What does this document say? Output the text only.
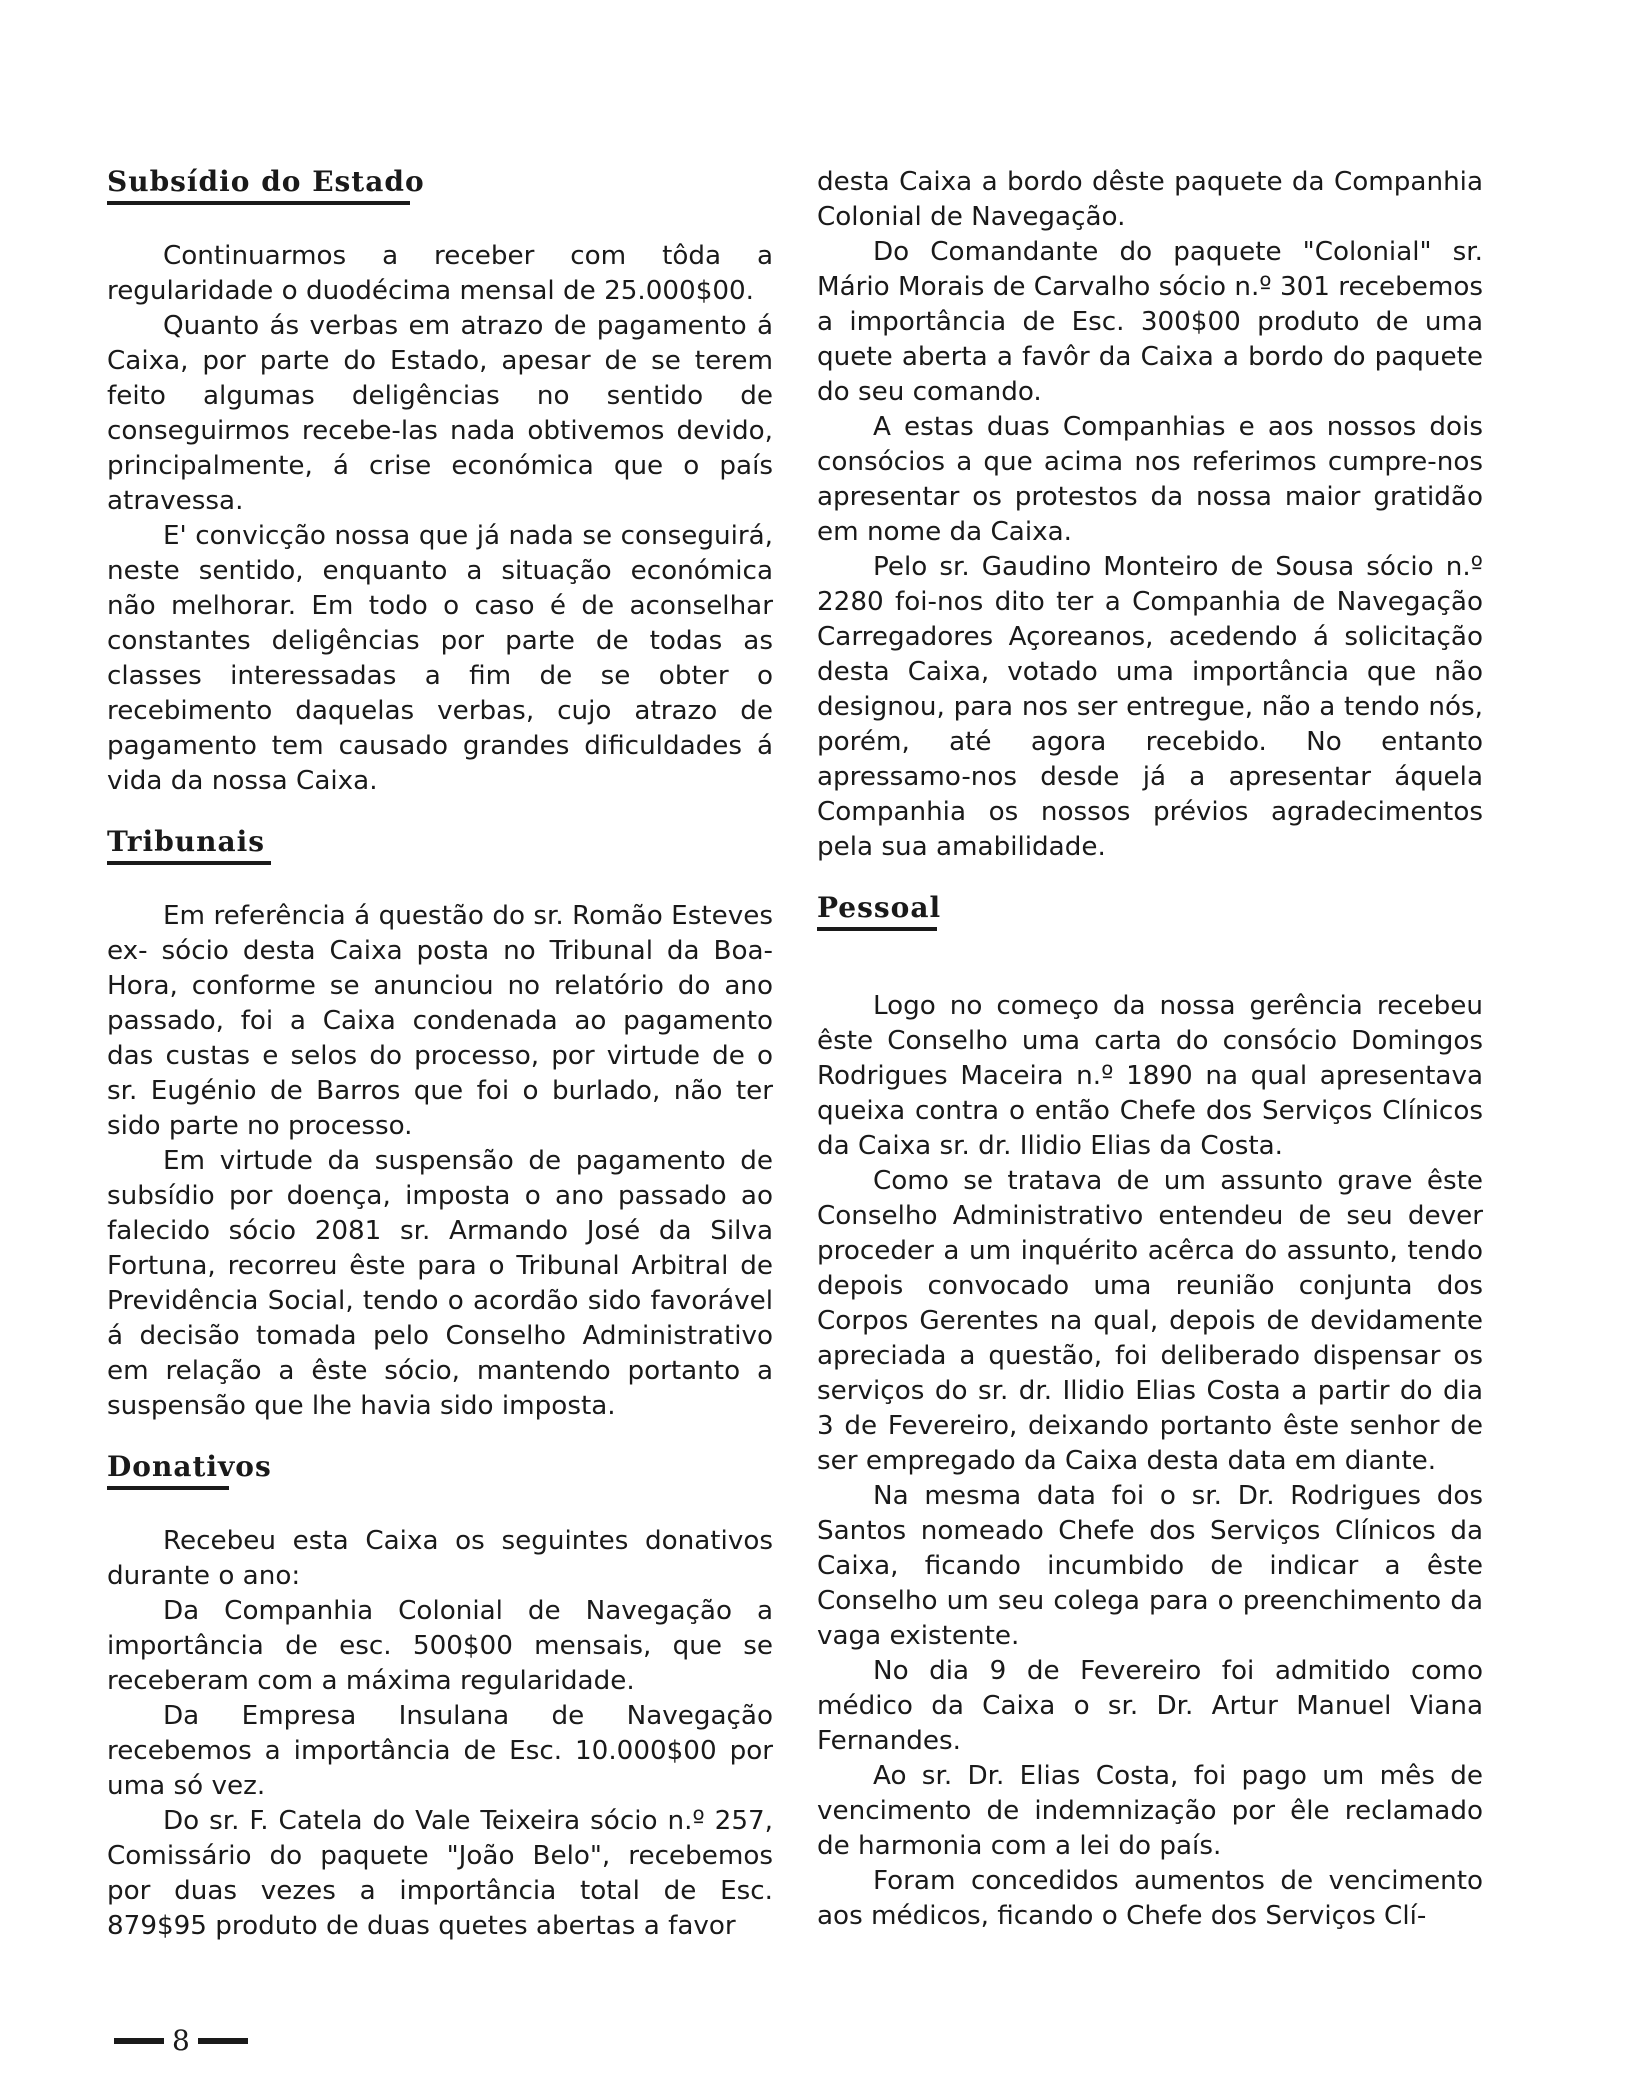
Subsídio do Estado

Continuarmos a receber com tôda a regularidade o duodécima mensal de 25.000$00.

Quanto ás verbas em atrazo de pagamento á Caixa, por parte do Estado, apesar de se terem feito algumas deligências no sentido de conseguirmos recebe-las nada obtivemos devido, principalmente, á crise económica que o país atravessa.

E' convicção nossa que já nada se conseguirá, neste sentido, enquanto a situação económica não melhorar. Em todo o caso é de aconselhar constantes deligências por parte de todas as classes interessadas a fim de se obter o recebimento daquelas verbas, cujo atrazo de pagamento tem causado grandes dificuldades á vida da nossa Caixa.

Tribunais

Em referência á questão do sr. Romão Esteves ex- sócio desta Caixa posta no Tribunal da Boa-Hora, conforme se anunciou no relatório do ano passado, foi a Caixa condenada ao pagamento das custas e selos do processo, por virtude de o sr. Eugénio de Barros que foi o burlado, não ter sido parte no processo.

Em virtude da suspensão de pagamento de subsídio por doença, imposta o ano passado ao falecido sócio 2081 sr. Armando José da Silva Fortuna, recorreu êste para o Tribunal Arbitral de Previdência Social, tendo o acordão sido favorável á decisão tomada pelo Conselho Administrativo em relação a êste sócio, mantendo portanto a suspensão que lhe havia sido imposta.

Donativos

Recebeu esta Caixa os seguintes donativos durante o ano:

Da Companhia Colonial de Navegação a importância de esc. 500$00 mensais, que se receberam com a máxima regularidade.

Da Empresa Insulana de Navegação recebemos a importância de Esc. 10.000$00 por uma só vez.

Do sr. F. Catela do Vale Teixeira sócio n.º 257, Comissário do paquete "João Belo", recebemos por duas vezes a importância total de Esc. 879$95 produto de duas quetes abertas a favor

desta Caixa a bordo dêste paquete da Companhia Colonial de Navegação.

Do Comandante do paquete "Colonial" sr. Mário Morais de Carvalho sócio n.º 301 recebemos a importância de Esc. 300$00 produto de uma quete aberta a favôr da Caixa a bordo do paquete do seu comando.

A estas duas Companhias e aos nossos dois consócios a que acima nos referimos cumpre-nos apresentar os protestos da nossa maior gratidão em nome da Caixa.

Pelo sr. Gaudino Monteiro de Sousa sócio n.º 2280 foi-nos dito ter a Companhia de Navegação Carregadores Açoreanos, acedendo á solicitação desta Caixa, votado uma importância que não designou, para nos ser entregue, não a tendo nós, porém, até agora recebido. No entanto apressamo-nos desde já a apresentar áquela Companhia os nossos prévios agradecimentos pela sua amabilidade.

Pessoal

Logo no começo da nossa gerência recebeu êste Conselho uma carta do consócio Domingos Rodrigues Maceira n.º 1890 na qual apresentava queixa contra o então Chefe dos Serviços Clínicos da Caixa sr. dr. Ilidio Elias da Costa.

Como se tratava de um assunto grave êste Conselho Administrativo entendeu de seu dever proceder a um inquérito acêrca do assunto, tendo depois convocado uma reunião conjunta dos Corpos Gerentes na qual, depois de devidamente apreciada a questão, foi deliberado dispensar os serviços do sr. dr. Ilidio Elias Costa a partir do dia 3 de Fevereiro, deixando portanto êste senhor de ser empregado da Caixa desta data em diante.

Na mesma data foi o sr. Dr. Rodrigues dos Santos nomeado Chefe dos Serviços Clínicos da Caixa, ficando incumbido de indicar a êste Conselho um seu colega para o preenchimento da vaga existente.

No dia 9 de Fevereiro foi admitido como médico da Caixa o sr. Dr. Artur Manuel Viana Fernandes.

Ao sr. Dr. Elias Costa, foi pago um mês de vencimento de indemnização por êle reclamado de harmonia com a lei do país.

Foram concedidos aumentos de vencimento aos médicos, ficando o Chefe dos Serviços Clí-

8
